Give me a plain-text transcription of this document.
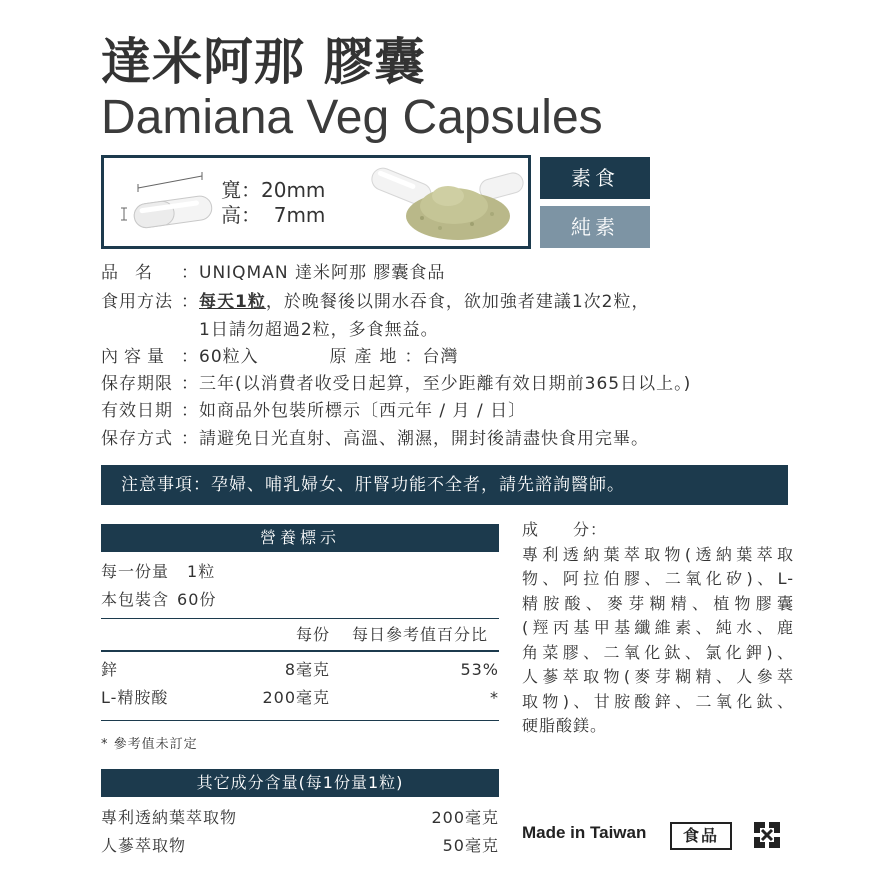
達米阿那 膠囊
Damiana Veg Capsules
寬：20mm
高：  7mm
素食
純素
品名 ：UNIQMAN 達米阿那 膠囊食品
食用方法 ：每天1粒，於晚餐後以開水吞食，欲加強者建議1次2粒，
1日請勿超過2粒，多食無益。
內容量 ：60粒入	原產地：台灣
保存期限 ：三年(以消費者收受日起算，至少距離有效日期前365日以上。)
有效日期 ：如商品外包裝所標示〔西元年 / 月 / 日〕
保存方式 ：請避免日光直射、高溫、潮濕，開封後請盡快食用完畢。
注意事項：孕婦、哺乳婦女、肝腎功能不全者，請先諮詢醫師。
營養標示
每一份量 1粒
本包裝含 60份
每份 每日參考值百分比
鋅	8毫克	53%
L-精胺酸	200毫克	*
* 參考值未訂定
其它成分含量(每1份量1粒)
專利透納葉萃取物	200毫克
人蔘萃取物	50毫克
成　　分：
專利透納葉萃取物(透納葉萃取
物、阿拉伯膠、二氧化矽)、L-
精胺酸、麥芽糊精、植物膠囊
(羥丙基甲基纖維素、純水、鹿
角菜膠、二氧化鈦、氯化鉀)、
人蔘萃取物(麥芽糊精、人參萃
取物)、甘胺酸鋅、二氧化鈦、
硬脂酸鎂。
Made in Taiwan	食品
